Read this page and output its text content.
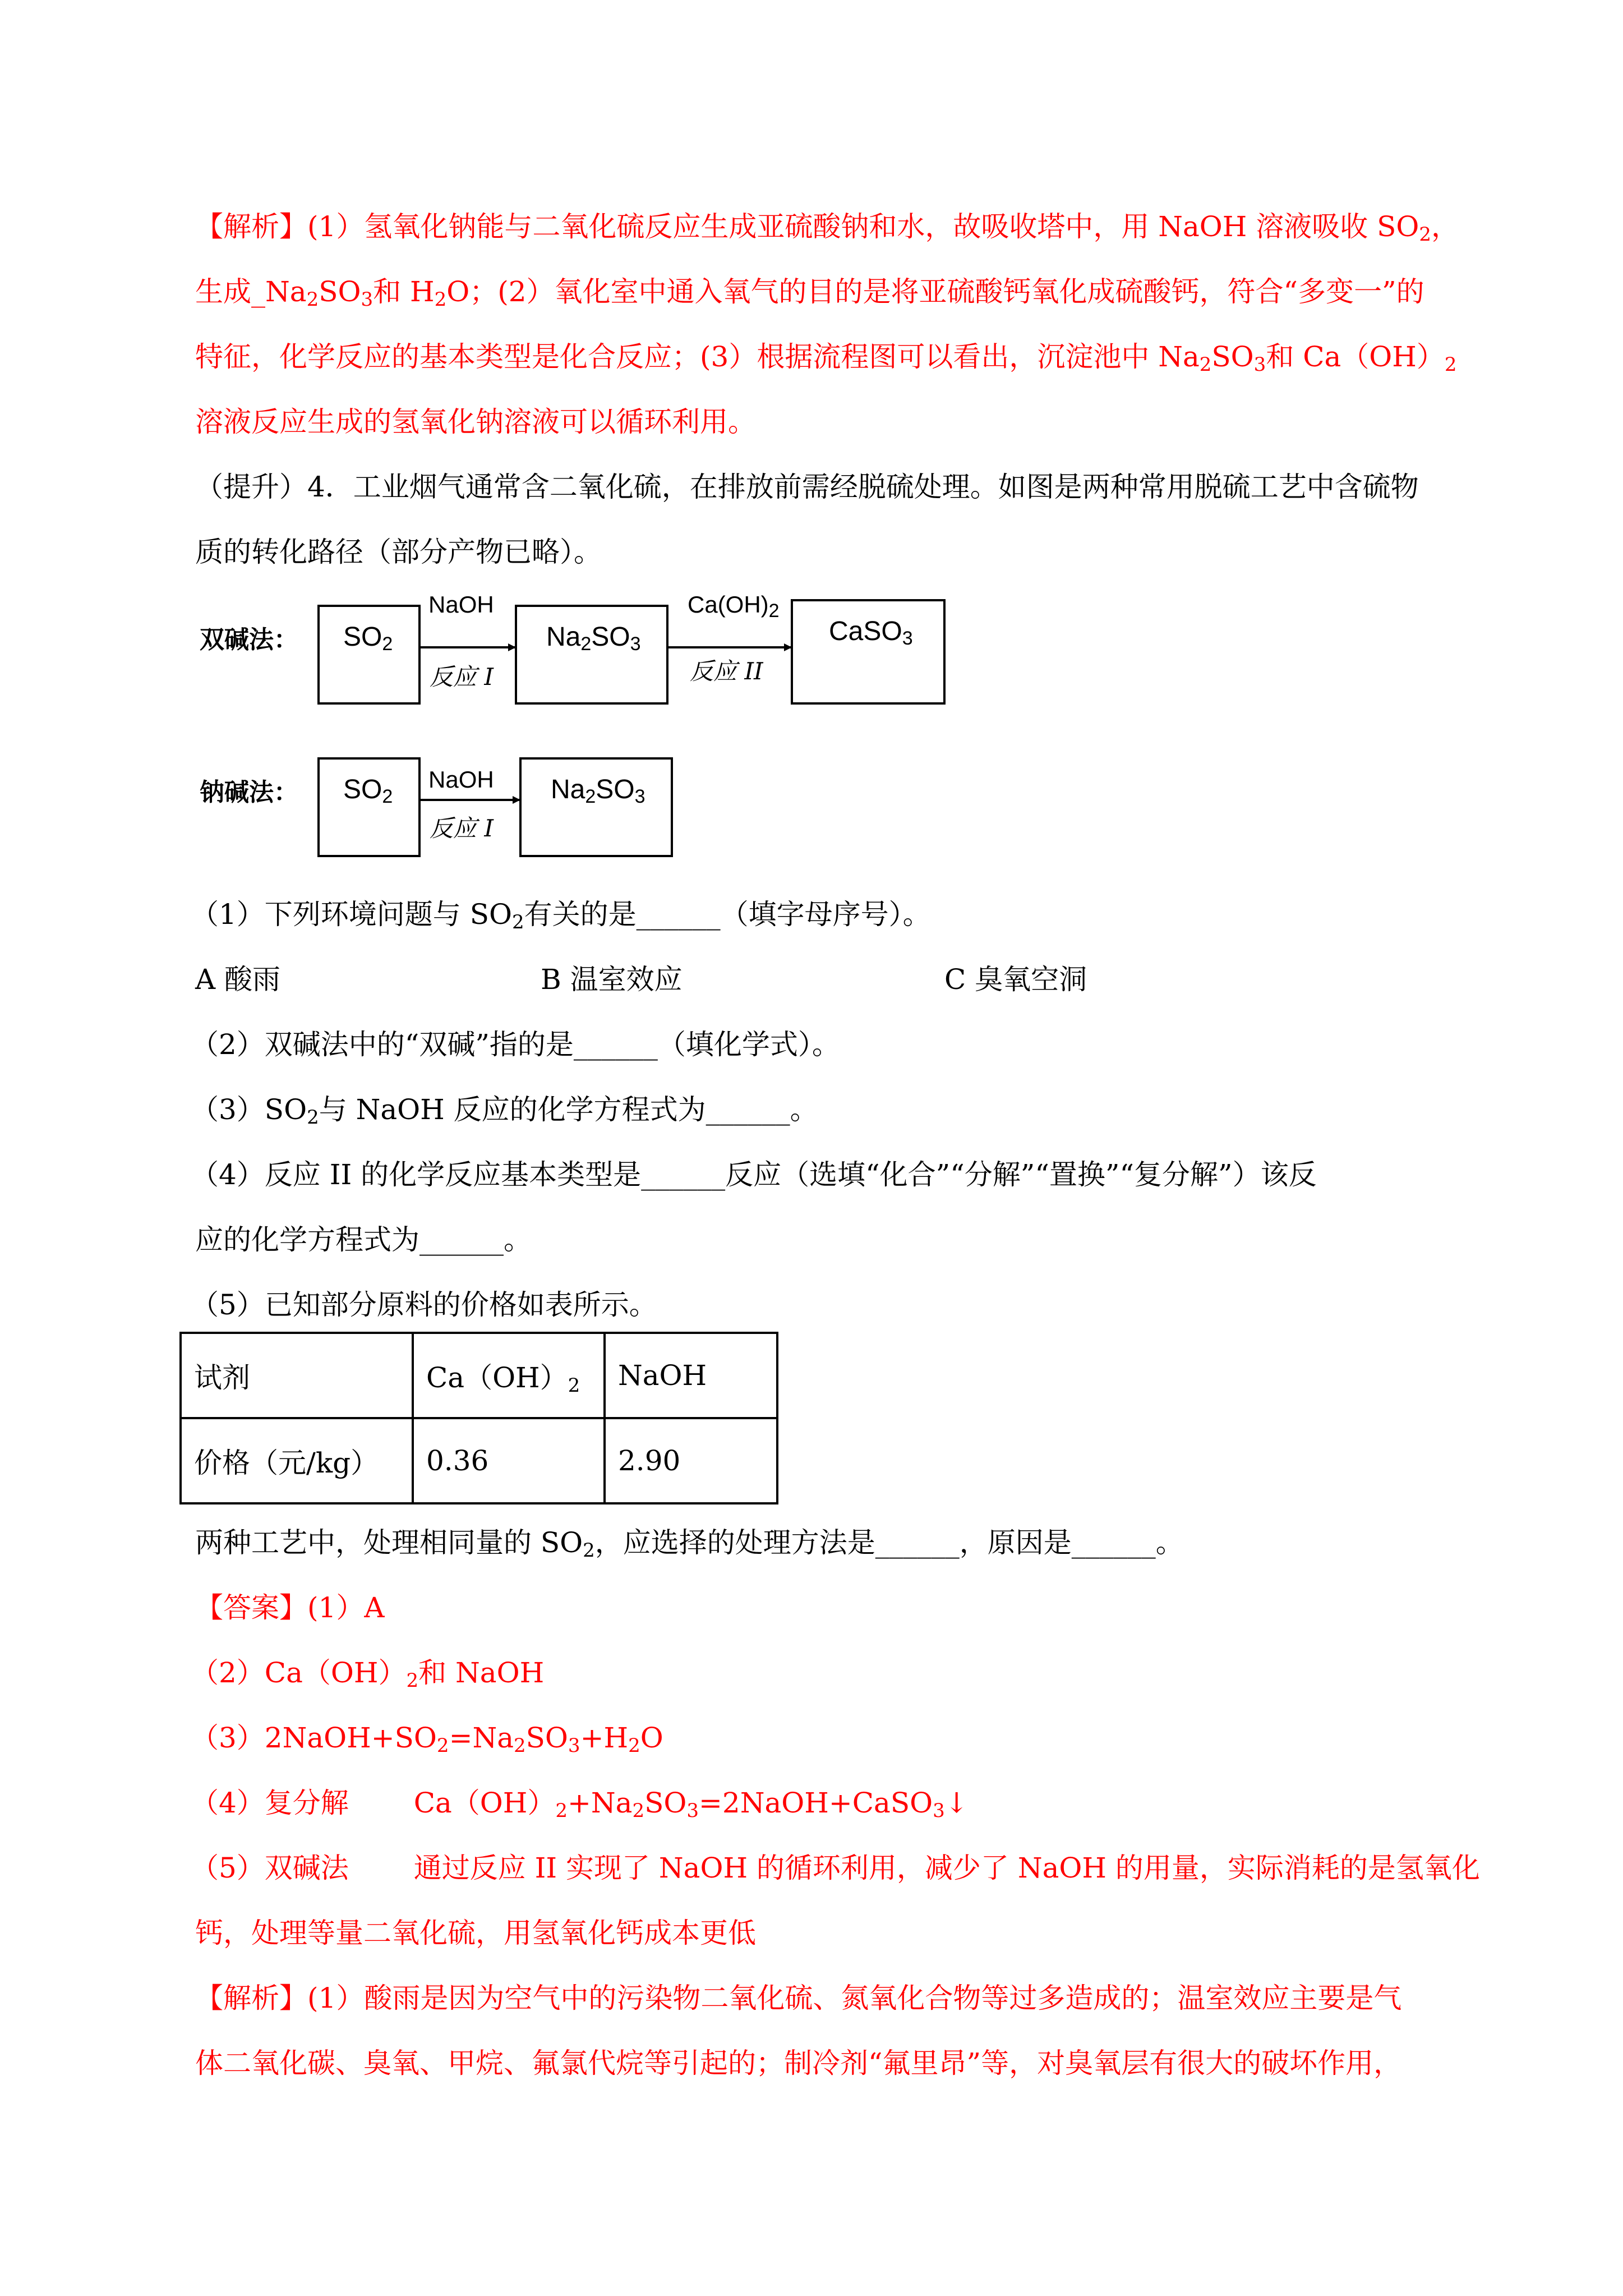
【解析】(1）氢氧化钠能与二氧化硫反应生成亚硫酸钠和水，故吸收塔中，用 NaOH 溶液吸收 $SO_2$，
生成$\_Na_2SO_3$和 $H_2O$；(2）氧化室中通入氧气的目的是将亚硫酸钙氧化成硫酸钙，符合“多变一”的
特征，化学反应的基本类型是化合反应；(3）根据流程图可以看出，沉淀池中 $Na_2SO_3$和 $Ca(OH)_2$
溶液反应生成的氢氧化钠溶液可以循环利用。
（提升）4．工业烟气通常含二氧化硫，在排放前需经脱硫处理。如图是两种常用脱硫工艺中含硫物
质的转化路径（部分产物已略）。
双碱法：
钠碱法：
$SO_2$	$Na_2SO_3$	CaSO$_3$
NaOH
反应 I
$Ca(OH)_2$
反应 II
$SO_2$	$Na_2SO_3$
NaOH
反应 I
（1）下列环境问题与 $SO_2$有关的是______（填字母序号）。
A 酸雨	B 温室效应	C 臭氧空洞
（2）双碱法中的“双碱”指的是______（填化学式）。
$(3)SO_2$与 NaOH 反应的化学方程式为______。
（4）反应 II 的化学反应基本类型是______反应（选填“化合”“分解”“置换”“复分解”）该反
应的化学方程式为______。
（5）已知部分原料的价格如表所示。
试剂	$Ca(OH)_2$	NaOH
价格（元/kg）	0.36	2.90
两种工艺中，处理相同量的 $SO_2$，应选择的处理方法是______，原因是______。
【答案】(1）A
$(2)Ca(OH)_2$和 NaOH
$(3)2NaOH+SO_2=Na_2SO_3+H_2O$
（4）复分解　　 $Ca(OH)_2+Na_2SO_3=2NaOH+CaSO_3↓$
（5）双碱法　　 通过反应 II 实现了 NaOH 的循环利用，减少了 NaOH 的用量，实际消耗的是氢氧化
钙，处理等量二氧化硫，用氢氧化钙成本更低
【解析】(1）酸雨是因为空气中的污染物二氧化硫、氮氧化合物等过多造成的；温室效应主要是气
体二氧化碳、臭氧、甲烷、氟氯代烷等引起的；制冷剂“氟里昂”等，对臭氧层有很大的破坏作用，
